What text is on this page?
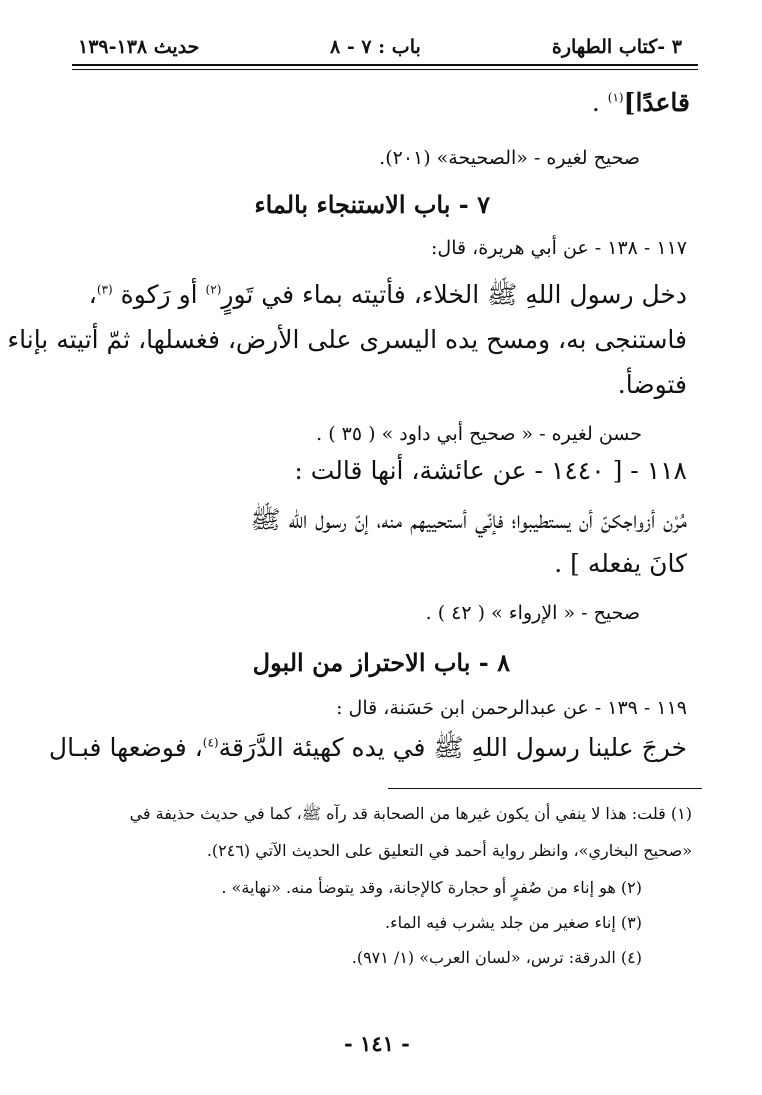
٣ -كتاب الطهارة
باب : ٧ - ٨
حديث ١٣٨-١٣٩
قاعدًا]$^{(١)}$ .
صحيح لغيره - «الصحيحة» (٢٠١).
٧ - باب الاستنجاء بالماء
١١٧ - ١٣٨ - عن أبي هريرة، قال:
دخل رسول اللهِ ﷺ الخلاء، فأتيته بماء في تَورٍ$^{(٢)}$ أو رَكوة $^{(٣)}$،
فاستنجى به، ومسح يده اليسرى على الأرض، فغسلها، ثمّ أتيته بإناء
فتوضأ.
حسن لغيره - « صحيح أبي داود » ( ٣٥ ) .
١١٨ - [ ١٤٤٠ - عن عائشة، أنها قالت :
مُرْن أزواجكنّ أن يستطيبوا؛ فإنّي أستحييهم منه، إنّ رسول الله ﷺ
كانَ يفعله ] .
صحيح - « الإرواء » ( ٤٢ ) .
٨ - باب الاحتراز من البول
١١٩ - ١٣٩ - عن عبدالرحمن ابن حَسَنة، قال :
خرجَ علينا رسول اللهِ ﷺ في يده كهيئة الدَّرَقة$^{(٤)}$، فوضعها فبـال
(١) قلت: هذا لا ينفي أن يكون غيرها من الصحابة قد رآه ﷺ، كما في حديث حذيفة في
«صحيح البخاري»، وانظر رواية أحمد في التعليق على الحديث الآتي (٢٤٦).
(٢) هو إناء من صُفرٍ أو حجارة كالإجانة، وقد يتوضأ منه. «نهاية» .
(٣) إناء صغير من جلد يشرب فيه الماء.
(٤) الدرقة: ترس، «لسان العرب» (١/ ٩٧١).
- ١٤١ -
